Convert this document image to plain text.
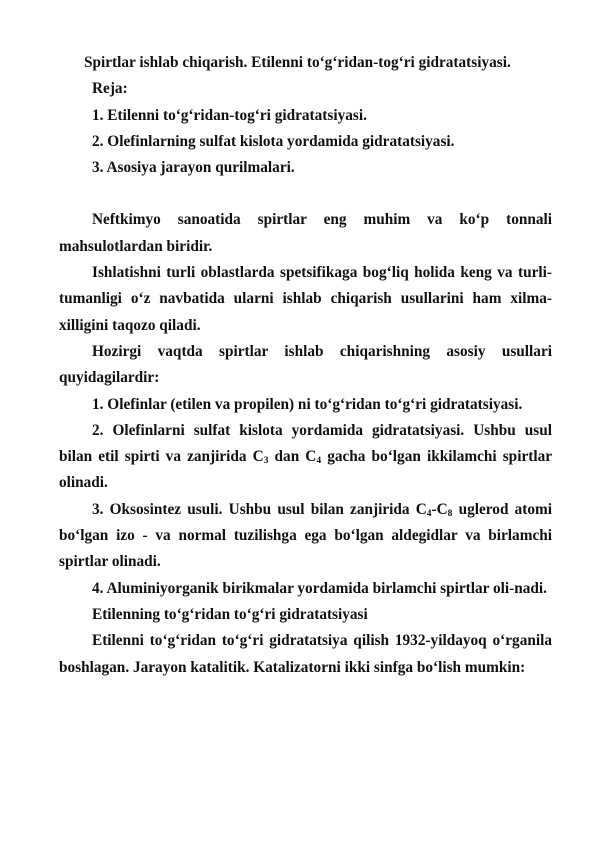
Spirtlar ishlab chiqarish. Etilenni to‘g‘ridan-tog‘ri gidratatsiyasi.

Reja:

1. Etilenni to‘g‘ridan-tog‘ri gidratatsiyasi.

2. Olefinlarning sulfat kislota yordamida gidratatsiyasi.

3. Asosiya jarayon qurilmalari.

Neftkimyo sanoatida spirtlar eng muhim va ko‘p tonnali mahsulotlardan biridir.

Ishlatishni turli oblastlarda spetsifikaga bog‘liq holida keng va turli-tumanligi o‘z navbatida ularni ishlab chiqarish usullarini ham xilma-xilligini taqozo qiladi.

Hozirgi vaqtda spirtlar ishlab chiqarishning asosiy usullari quyidagilardir:

1. Olefinlar (etilen va propilen) ni to‘g‘ridan to‘g‘ri gidratatsiyasi.

2. Olefinlarni sulfat kislota yordamida gidratatsiyasi. Ushbu usul bilan etil spirti va zanjirida $C_3$ dan $C_4$ gacha bo‘lgan ikkilamchi spirtlar olinadi.

3. Oksosintez usuli. Ushbu usul bilan zanjirida $C_4-C_8$ uglerod atomi bo‘lgan izo - va normal tuzilishga ega bo‘lgan aldegidlar va birlamchi spirtlar olinadi.

4. Aluminiyorganik birikmalar yordamida birlamchi spirtlar oli-nadi.

Etilenning to‘g‘ridan to‘g‘ri gidratatsiyasi

Etilenni to‘g‘ridan to‘g‘ri gidratatsiya qilish 1932-yildayoq o‘rganila boshlagan. Jarayon katalitik. Katalizatorni ikki sinfga bo‘lish mumkin:
